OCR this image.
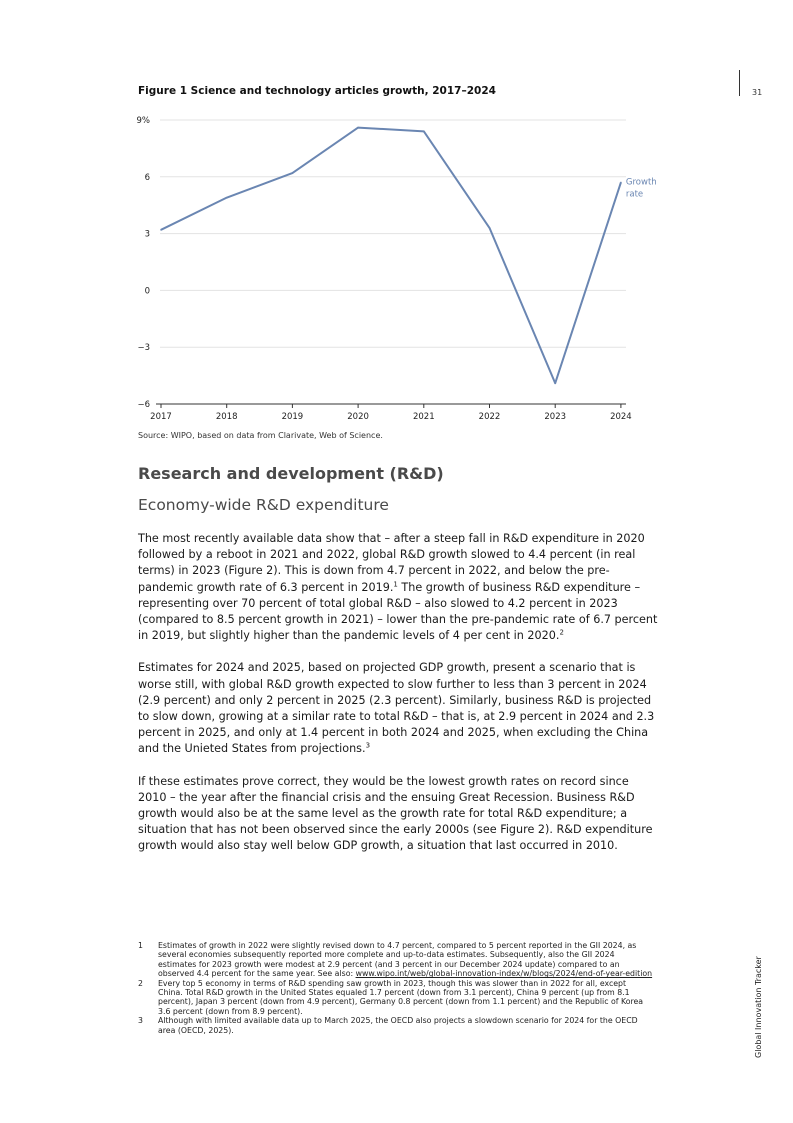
31
Figure 1 Science and technology articles growth, 2017–2024
−6
−3
0
3
6
9%
2017	2018	2019	2020	2021	2022	2023	2024
Growth
rate
Source: WIPO, based on data from Clarivate, Web of Science.
Research and development (R&D)
Economy-wide R&D expenditure

The most recently available data show that – after a steep fall in R&D expenditure in 2020 followed by a reboot in 2021 and 2022, global R&D growth slowed to 4.4 percent (in real terms) in 2023 (Figure 2). This is down from 4.7 percent in 2022, and below the pre-pandemic growth rate of 6.3 percent in 2019.$^1$ The growth of business R&D expenditure – representing over 70 percent of total global R&D – also slowed to 4.2 percent in 2023 (compared to 8.5 percent growth in 2021) – lower than the pre-pandemic rate of 6.7 percent in 2019, but slightly higher than the pandemic levels of 4 per cent in 2020.$^2$

Estimates for 2024 and 2025, based on projected GDP growth, present a scenario that is worse still, with global R&D growth expected to slow further to less than 3 percent in 2024 (2.9 percent) and only 2 percent in 2025 (2.3 percent). Similarly, business R&D is projected to slow down, growing at a similar rate to total R&D – that is, at 2.9 percent in 2024 and 2.3 percent in 2025, and only at 1.4 percent in both 2024 and 2025, when excluding the China and the Unieted States from projections.$^3$

If these estimates prove correct, they would be the lowest growth rates on record since 2010 – the year after the financial crisis and the ensuing Great Recession. Business R&D growth would also be at the same level as the growth rate for total R&D expenditure; a situation that has not been observed since the early 2000s (see Figure 2). R&D expenditure growth would also stay well below GDP growth, a situation that last occurred in 2010.

1	Estimates of growth in 2022 were slightly revised down to 4.7 percent, compared to 5 percent reported in the GII 2024, as several economies subsequently reported more complete and up-to-data estimates. Subsequently, also the GII 2024 estimates for 2023 growth were modest at 2.9 percent (and 3 percent in our December 2024 update) compared to an observed 4.4 percent for the same year. See also: www.wipo.int/web/global-innovation-index/w/blogs/2024/end-of-year-edition
2	Every top 5 economy in terms of R&D spending saw growth in 2023, though this was slower than in 2022 for all, except China. Total R&D growth in the United States equaled 1.7 percent (down from 3.1 percent), China 9 percent (up from 8.1 percent), Japan 3 percent (down from 4.9 percent), Germany 0.8 percent (down from 1.1 percent) and the Republic of Korea 3.6 percent (down from 8.9 percent).
3	Although with limited available data up to March 2025, the OECD also projects a slowdown scenario for 2024 for the OECD area (OECD, 2025).	Global Innovation Tracker
